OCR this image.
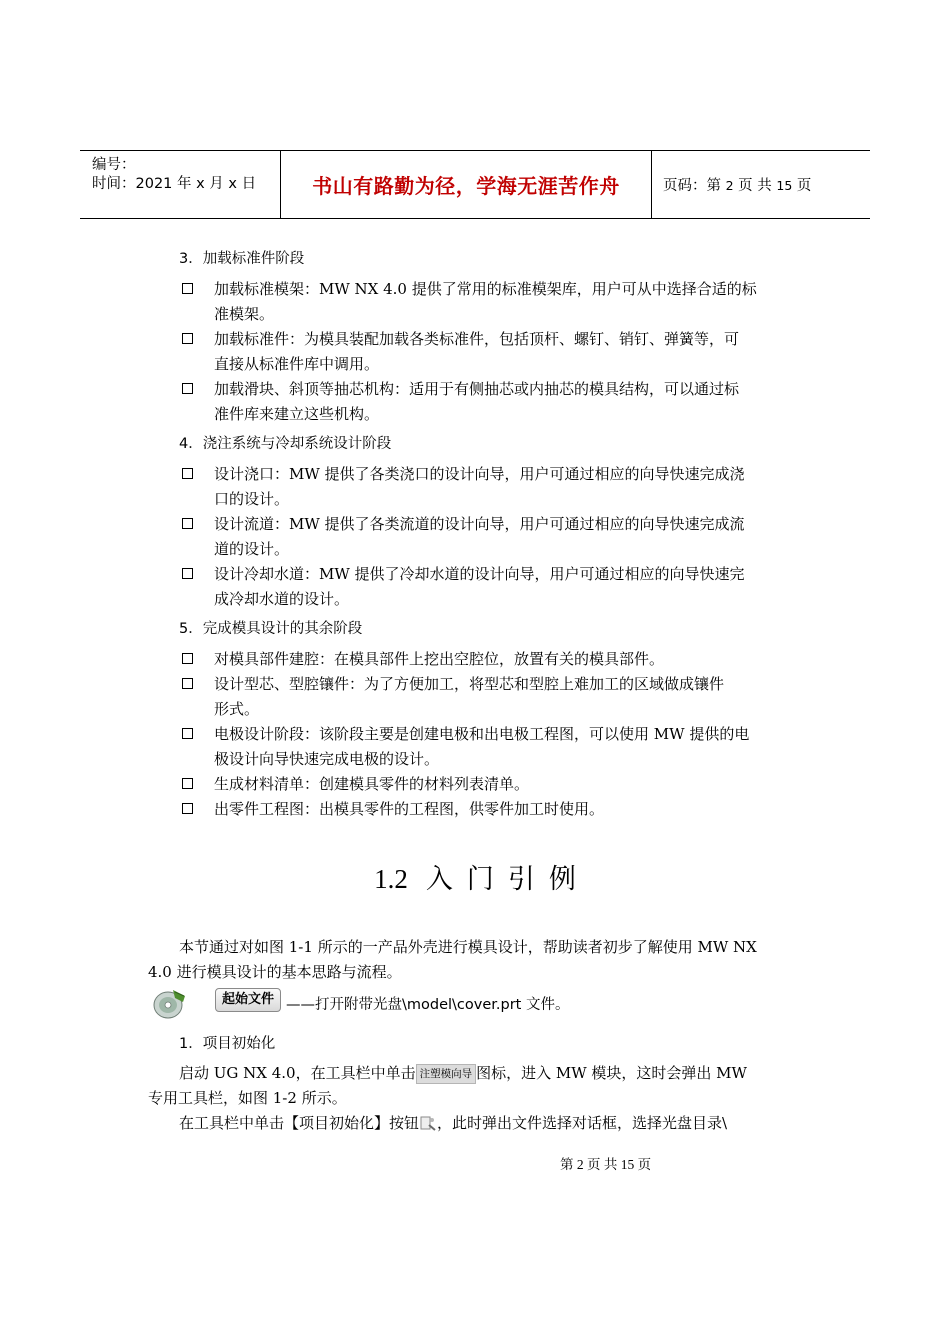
编号：
时间：2021 年 x 月 x 日	书山有路勤为径，学海无涯苦作舟	页码：第 2 页 共 15 页
3．加载标准件阶段
加载标准模架：MW NX 4.0 提供了常用的标准模架库，用户可从中选择合适的标
准模架。
加载标准件：为模具装配加载各类标准件，包括顶杆、螺钉、销钉、弹簧等，可
直接从标准件库中调用。
加载滑块、斜顶等抽芯机构：适用于有侧抽芯或内抽芯的模具结构，可以通过标
准件库来建立这些机构。
4．浇注系统与冷却系统设计阶段
设计浇口：MW 提供了各类浇口的设计向导，用户可通过相应的向导快速完成浇
口的设计。
设计流道：MW 提供了各类流道的设计向导，用户可通过相应的向导快速完成流
道的设计。
设计冷却水道：MW 提供了冷却水道的设计向导，用户可通过相应的向导快速完
成冷却水道的设计。
5．完成模具设计的其余阶段
对模具部件建腔：在模具部件上挖出空腔位，放置有关的模具部件。
设计型芯、型腔镶件：为了方便加工，将型芯和型腔上难加工的区域做成镶件
形式。
电极设计阶段：该阶段主要是创建电极和出电极工程图，可以使用 MW 提供的电
极设计向导快速完成电极的设计。
生成材料清单：创建模具零件的材料列表清单。
出零件工程图：出模具零件的工程图，供零件加工时使用。
1.2 入 门 引 例
本节通过对如图 1-1 所示的一产品外壳进行模具设计，帮助读者初步了解使用 MW NX
4.0 进行模具设计的基本思路与流程。
起始文件 ——打开附带光盘\model\cover.prt 文件。
1．项目初始化
启动 UG NX 4.0，在工具栏中单击 注塑模向导 图标，进入 MW 模块，这时会弹出 MW
专用工具栏，如图 1-2 所示。
在工具栏中单击【项目初始化】按钮 ，此时弹出文件选择对话框，选择光盘目录\
第 2 页 共 15 页
